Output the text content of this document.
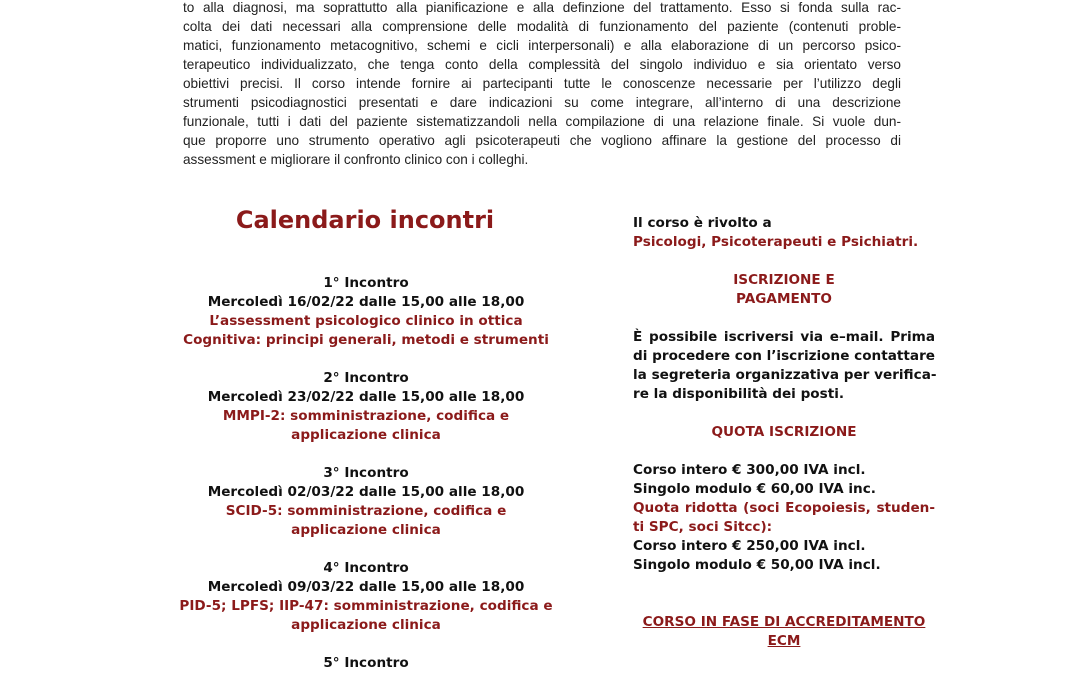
to alla diagnosi, ma soprattutto alla pianificazione e alla definzione del trattamento. Esso si fonda sulla rac-
colta dei dati necessari alla comprensione delle modalità di funzionamento del paziente (contenuti proble-
matici, funzionamento metacognitivo, schemi e cicli interpersonali) e alla elaborazione di un percorso psico-
terapeutico individualizzato, che tenga conto della complessità del singolo individuo e sia orientato verso
obiettivi precisi. Il corso intende fornire ai partecipanti tutte le conoscenze necessarie per l’utilizzo degli
strumenti psicodiagnostici presentati e dare indicazioni su come integrare, all’interno di una descrizione
funzionale, tutti i dati del paziente sistematizzandoli nella compilazione di una relazione finale. Si vuole dun-
que proporre uno strumento operativo agli psicoterapeuti che vogliono affinare la gestione del processo di
assessment e migliorare il confronto clinico con i colleghi.
Calendario incontri
1° Incontro
Mercoledì 16/02/22 dalle 15,00 alle 18,00
L’assessment psicologico clinico in ottica
Cognitiva: principi generali, metodi e strumenti
2° Incontro
Mercoledì 23/02/22 dalle 15,00 alle 18,00
MMPI-2: somministrazione, codifica e
applicazione clinica
3° Incontro
Mercoledì 02/03/22 dalle 15,00 alle 18,00
SCID-5: somministrazione, codifica e
applicazione clinica
4° Incontro
Mercoledì 09/03/22 dalle 15,00 alle 18,00
PID-5; LPFS; IIP-47: somministrazione, codifica e
applicazione clinica
5° Incontro
Il corso è rivolto a
Psicologi, Psicoterapeuti e Psichiatri.
ISCRIZIONE E
PAGAMENTO
È possibile iscriversi via e–mail. Prima
di procedere con l’iscrizione contattare
la segreteria organizzativa per verifica-
re la disponibilità dei posti.
QUOTA ISCRIZIONE
Corso intero € 300,00 IVA incl.
Singolo modulo € 60,00 IVA inc.
Quota ridotta (soci Ecopoiesis, studen-
ti SPC, soci Sitcc):
Corso intero € 250,00 IVA incl.
Singolo modulo € 50,00 IVA incl.
CORSO IN FASE DI ACCREDITAMENTO
ECM
